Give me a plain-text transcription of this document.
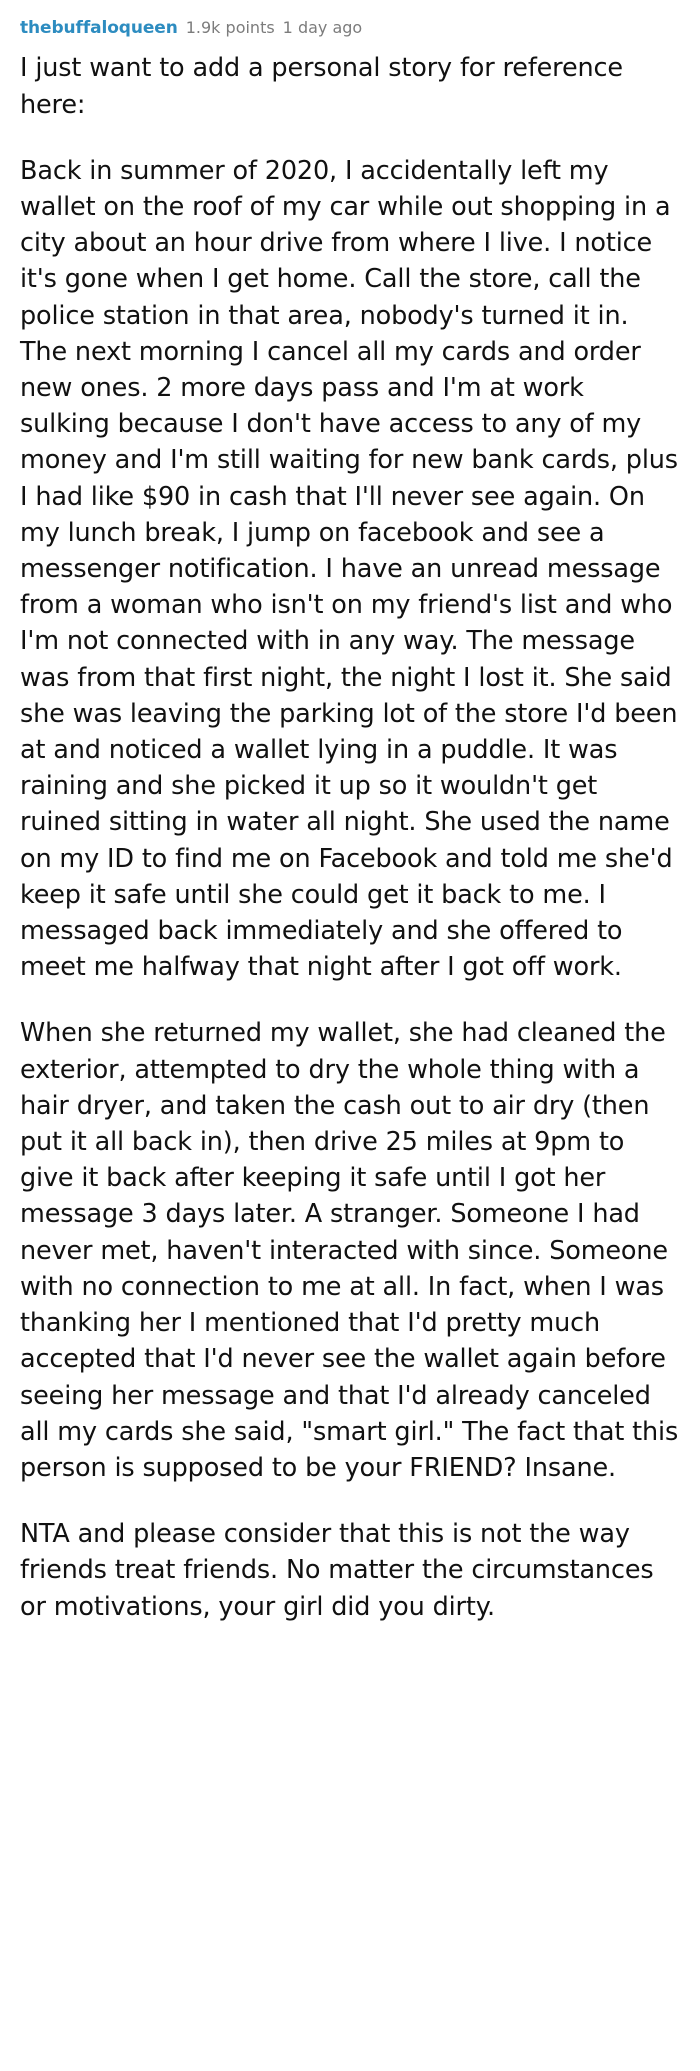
thebuffaloqueen 1.9k points 1 day ago

I just want to add a personal story for reference here:

Back in summer of 2020, I accidentally left my wallet on the roof of my car while out shopping in a city about an hour drive from where I live. I notice it's gone when I get home. Call the store, call the police station in that area, nobody's turned it in. The next morning I cancel all my cards and order new ones. 2 more days pass and I'm at work sulking because I don't have access to any of my money and I'm still waiting for new bank cards, plus I had like $90 in cash that I'll never see again. On my lunch break, I jump on facebook and see a messenger notification. I have an unread message from a woman who isn't on my friend's list and who I'm not connected with in any way. The message was from that first night, the night I lost it. She said she was leaving the parking lot of the store I'd been at and noticed a wallet lying in a puddle. It was raining and she picked it up so it wouldn't get ruined sitting in water all night. She used the name on my ID to find me on Facebook and told me she'd keep it safe until she could get it back to me. I messaged back immediately and she offered to meet me halfway that night after I got off work.

When she returned my wallet, she had cleaned the exterior, attempted to dry the whole thing with a hair dryer, and taken the cash out to air dry (then put it all back in), then drive 25 miles at 9pm to give it back after keeping it safe until I got her message 3 days later. A stranger. Someone I had never met, haven't interacted with since. Someone with no connection to me at all. In fact, when I was thanking her I mentioned that I'd pretty much accepted that I'd never see the wallet again before seeing her message and that I'd already canceled all my cards she said, "smart girl." The fact that this person is supposed to be your FRIEND? Insane.

NTA and please consider that this is not the way friends treat friends. No matter the circumstances or motivations, your girl did you dirty.
